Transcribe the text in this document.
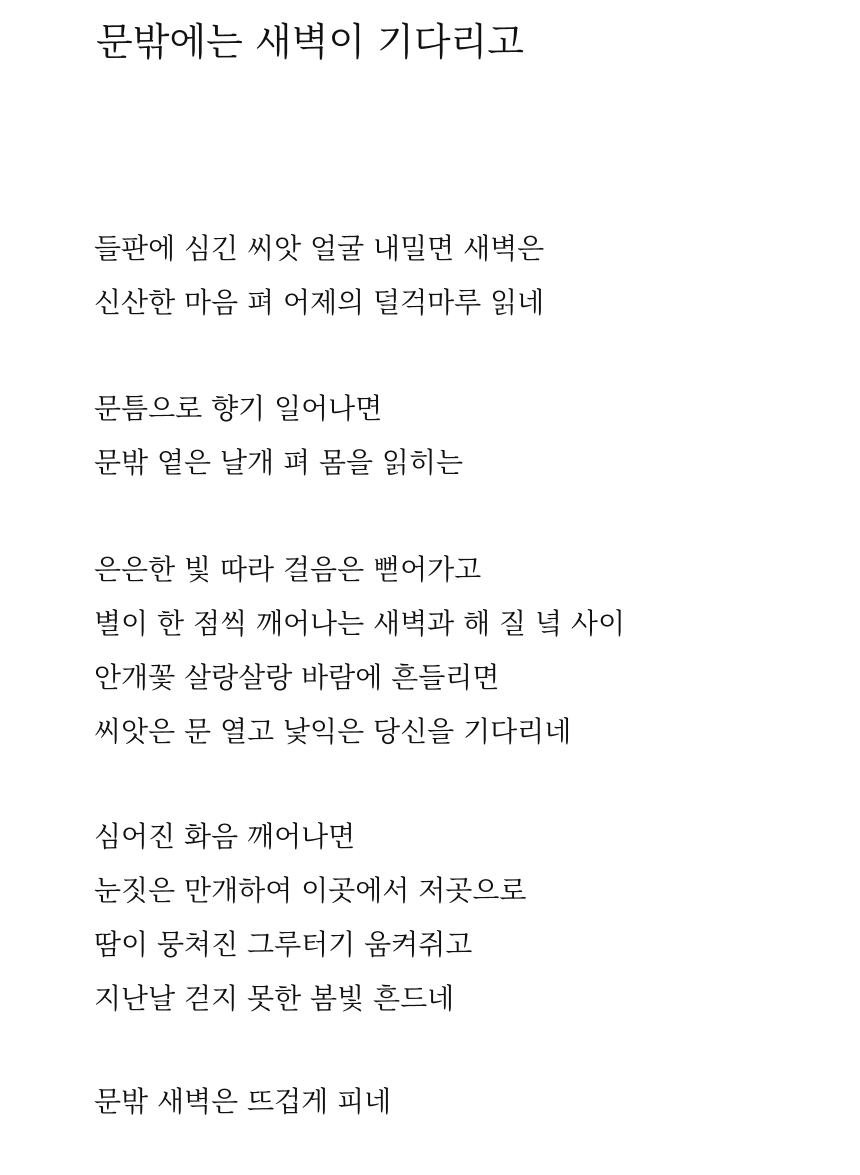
문밖에는 새벽이 기다리고
들판에 심긴 씨앗 얼굴 내밀면 새벽은
신산한 마음 펴 어제의 덜걱마루 읽네
문틈으로 향기 일어나면
문밖 옅은 날개 펴 몸을 읽히는
은은한 빛 따라 걸음은 뻗어가고
별이 한 점씩 깨어나는 새벽과 해 질 녘 사이
안개꽃 살랑살랑 바람에 흔들리면
씨앗은 문 열고 낯익은 당신을 기다리네
심어진 화음 깨어나면
눈짓은 만개하여 이곳에서 저곳으로
땀이 뭉쳐진 그루터기 움켜쥐고
지난날 걷지 못한 봄빛 흔드네
문밖 새벽은 뜨겁게 피네
